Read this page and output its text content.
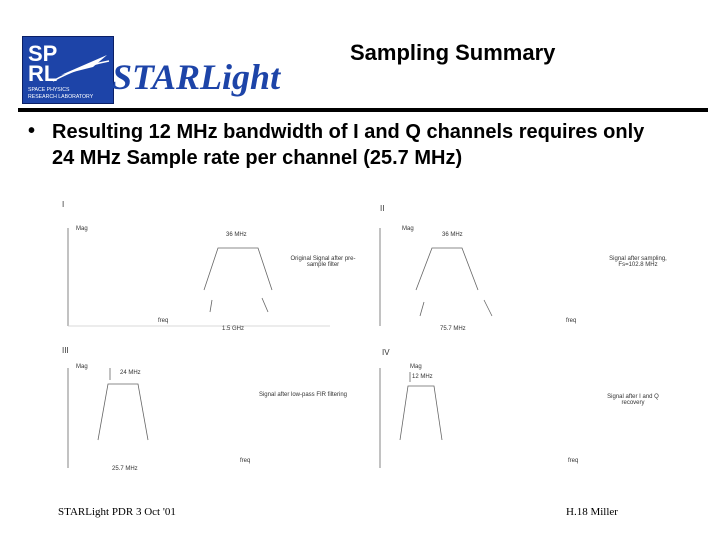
SP
RL
SPACE PHYSICS
RESEARCH LABORATORY STARLight
Sampling Summary
• Resulting 12 MHz bandwidth of I and Q channels requires only 24 MHz Sample rate per channel (25.7 MHz)
I
Mag
36 MHz
Original Signal after pre-sample filter
freq
1.5 GHz
II
Mag
36 MHz
Signal after sampling, Fs=102.8 MHz
freq
75.7 MHz
III
Mag
24 MHz
Signal after low-pass FIR filtering
freq
25.7 MHz
IV
Mag
12 MHz
Signal after I and Q recovery
freq
STARLight PDR 3 Oct '01	H.18 Miller
